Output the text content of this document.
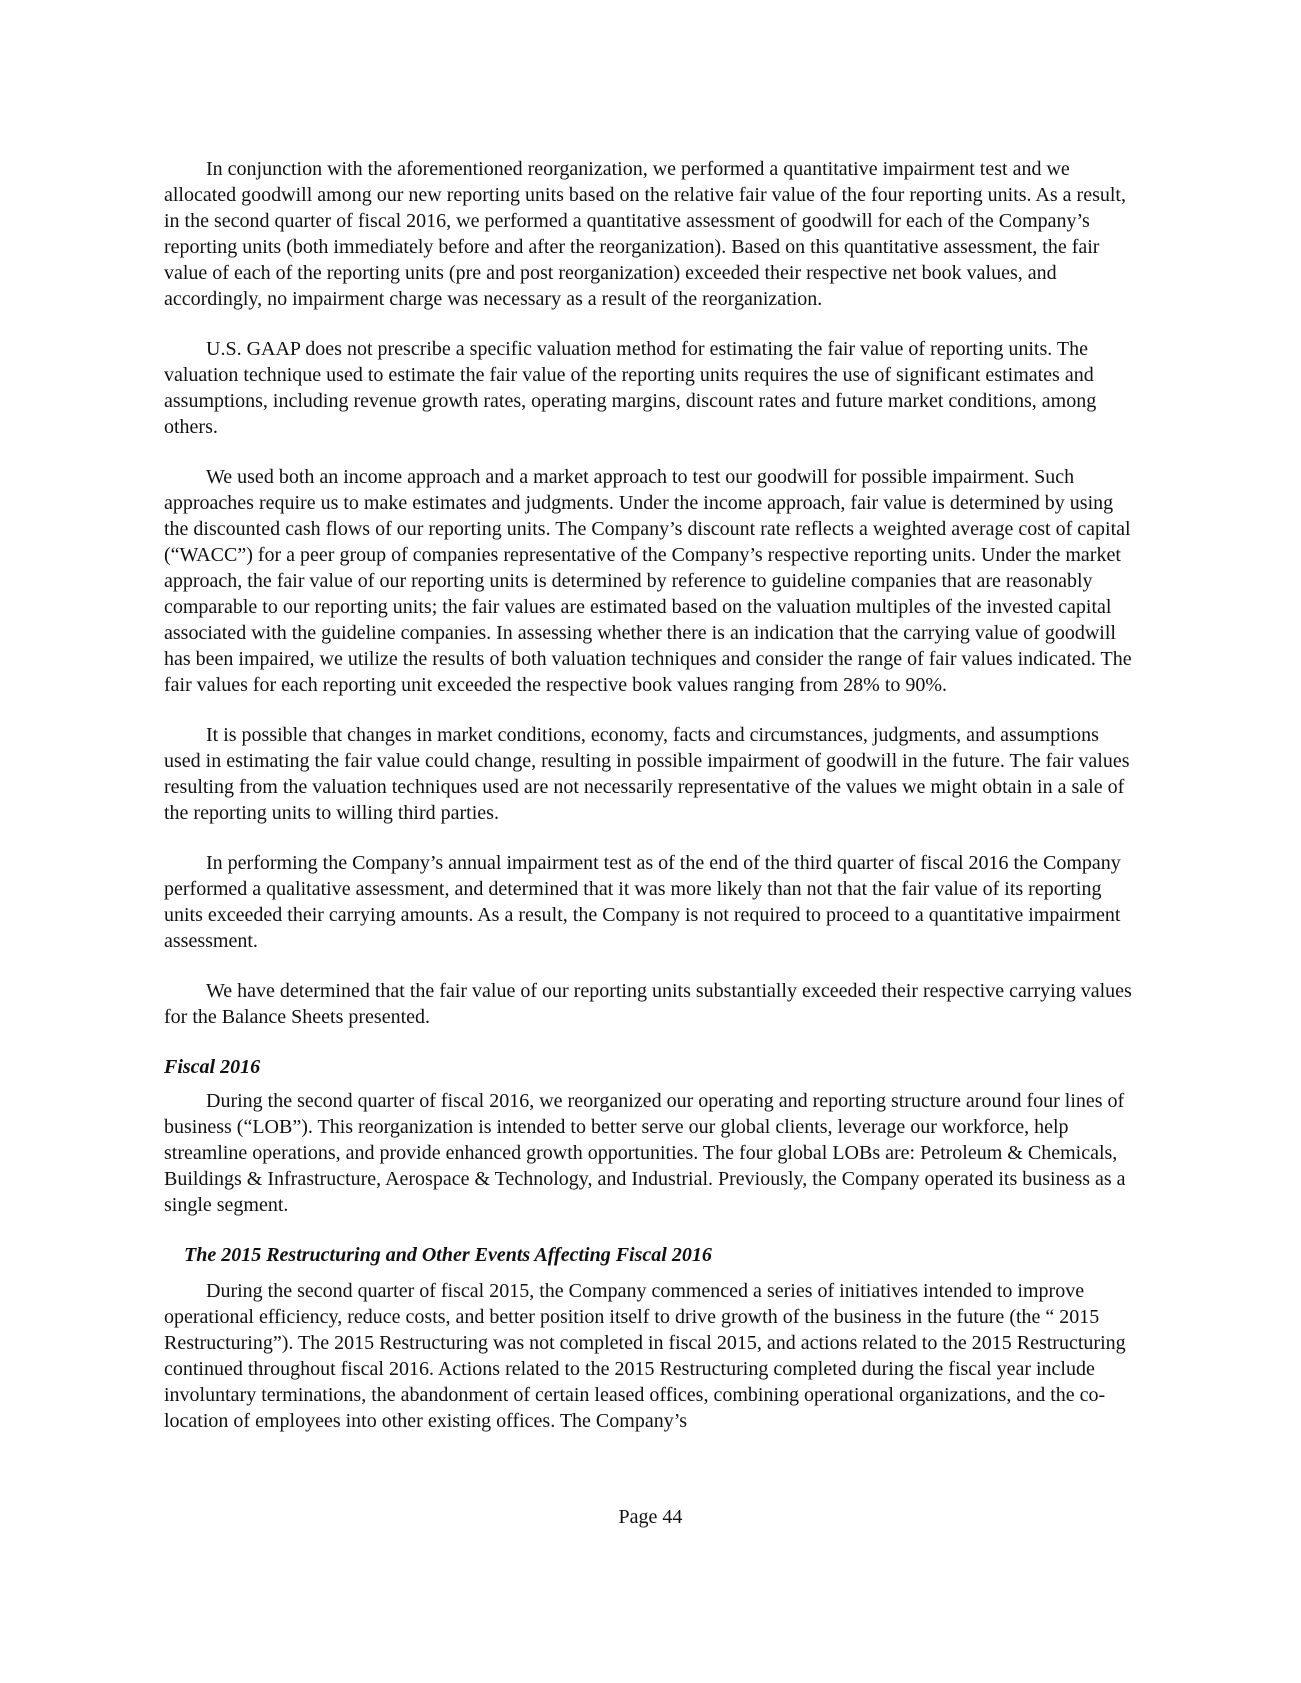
In conjunction with the aforementioned reorganization, we performed a quantitative impairment test and we allocated goodwill among our new reporting units based on the relative fair value of the four reporting units. As a result, in the second quarter of fiscal 2016, we performed a quantitative assessment of goodwill for each of the Company’s reporting units (both immediately before and after the reorganization). Based on this quantitative assessment, the fair value of each of the reporting units (pre and post reorganization) exceeded their respective net book values, and accordingly, no impairment charge was necessary as a result of the reorganization.

U.S. GAAP does not prescribe a specific valuation method for estimating the fair value of reporting units. The valuation technique used to estimate the fair value of the reporting units requires the use of significant estimates and assumptions, including revenue growth rates, operating margins, discount rates and future market conditions, among others.

We used both an income approach and a market approach to test our goodwill for possible impairment. Such approaches require us to make estimates and judgments. Under the income approach, fair value is determined by using the discounted cash flows of our reporting units. The Company’s discount rate reflects a weighted average cost of capital (“WACC”) for a peer group of companies representative of the Company’s respective reporting units. Under the market approach, the fair value of our reporting units is determined by reference to guideline companies that are reasonably comparable to our reporting units; the fair values are estimated based on the valuation multiples of the invested capital associated with the guideline companies. In assessing whether there is an indication that the carrying value of goodwill has been impaired, we utilize the results of both valuation techniques and consider the range of fair values indicated. The fair values for each reporting unit exceeded the respective book values ranging from 28% to 90%.

It is possible that changes in market conditions, economy, facts and circumstances, judgments, and assumptions used in estimating the fair value could change, resulting in possible impairment of goodwill in the future. The fair values resulting from the valuation techniques used are not necessarily representative of the values we might obtain in a sale of the reporting units to willing third parties.

In performing the Company’s annual impairment test as of the end of the third quarter of fiscal 2016 the Company performed a qualitative assessment, and determined that it was more likely than not that the fair value of its reporting units exceeded their carrying amounts. As a result, the Company is not required to proceed to a quantitative impairment assessment.

We have determined that the fair value of our reporting units substantially exceeded their respective carrying values for the Balance Sheets presented.

Fiscal 2016

During the second quarter of fiscal 2016, we reorganized our operating and reporting structure around four lines of business (“LOB”). This reorganization is intended to better serve our global clients, leverage our workforce, help streamline operations, and provide enhanced growth opportunities. The four global LOBs are: Petroleum & Chemicals, Buildings & Infrastructure, Aerospace & Technology, and Industrial. Previously, the Company operated its business as a single segment.

The 2015 Restructuring and Other Events Affecting Fiscal 2016

During the second quarter of fiscal 2015, the Company commenced a series of initiatives intended to improve operational efficiency, reduce costs, and better position itself to drive growth of the business in the future (the “ 2015 Restructuring”). The 2015 Restructuring was not completed in fiscal 2015, and actions related to the 2015 Restructuring continued throughout fiscal 2016. Actions related to the 2015 Restructuring completed during the fiscal year include involuntary terminations, the abandonment of certain leased offices, combining operational organizations, and the co-location of employees into other existing offices. The Company’s

Page 44
